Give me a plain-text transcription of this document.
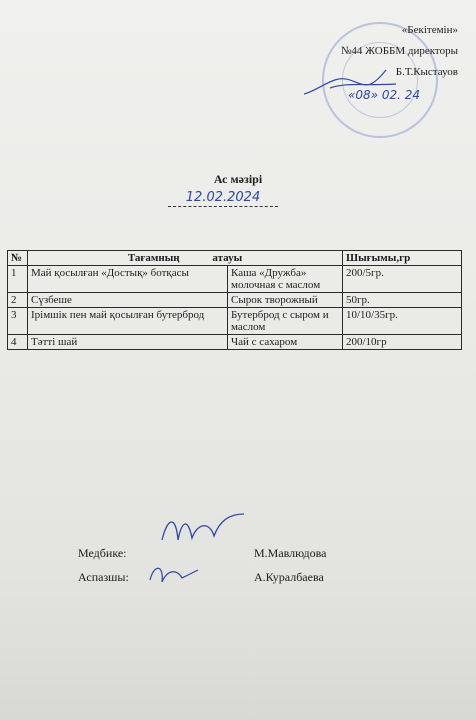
«Бекітемін»
№44 ЖОББМ директоры
Б.Т.Кыстауов
«08» 02. 24
Ас мәзірі
12.02.2024
№	Тағамның атауы		Шығымы,гр
1	Май қосылған «Достық» ботқасы	Каша «Дружба» молочная с маслом	200/5гр.
2	Сүзбеше	Сырок творожный	50гр.
3	Ірімшік пен май қосылған бутерброд	Бутерброд с сыром и маслом	10/10/35гр.
4	Тәтті шай	Чай с сахаром	200/10гр
Медбике:	М.Мавлюдова
Аспазшы:	А.Куралбаева
